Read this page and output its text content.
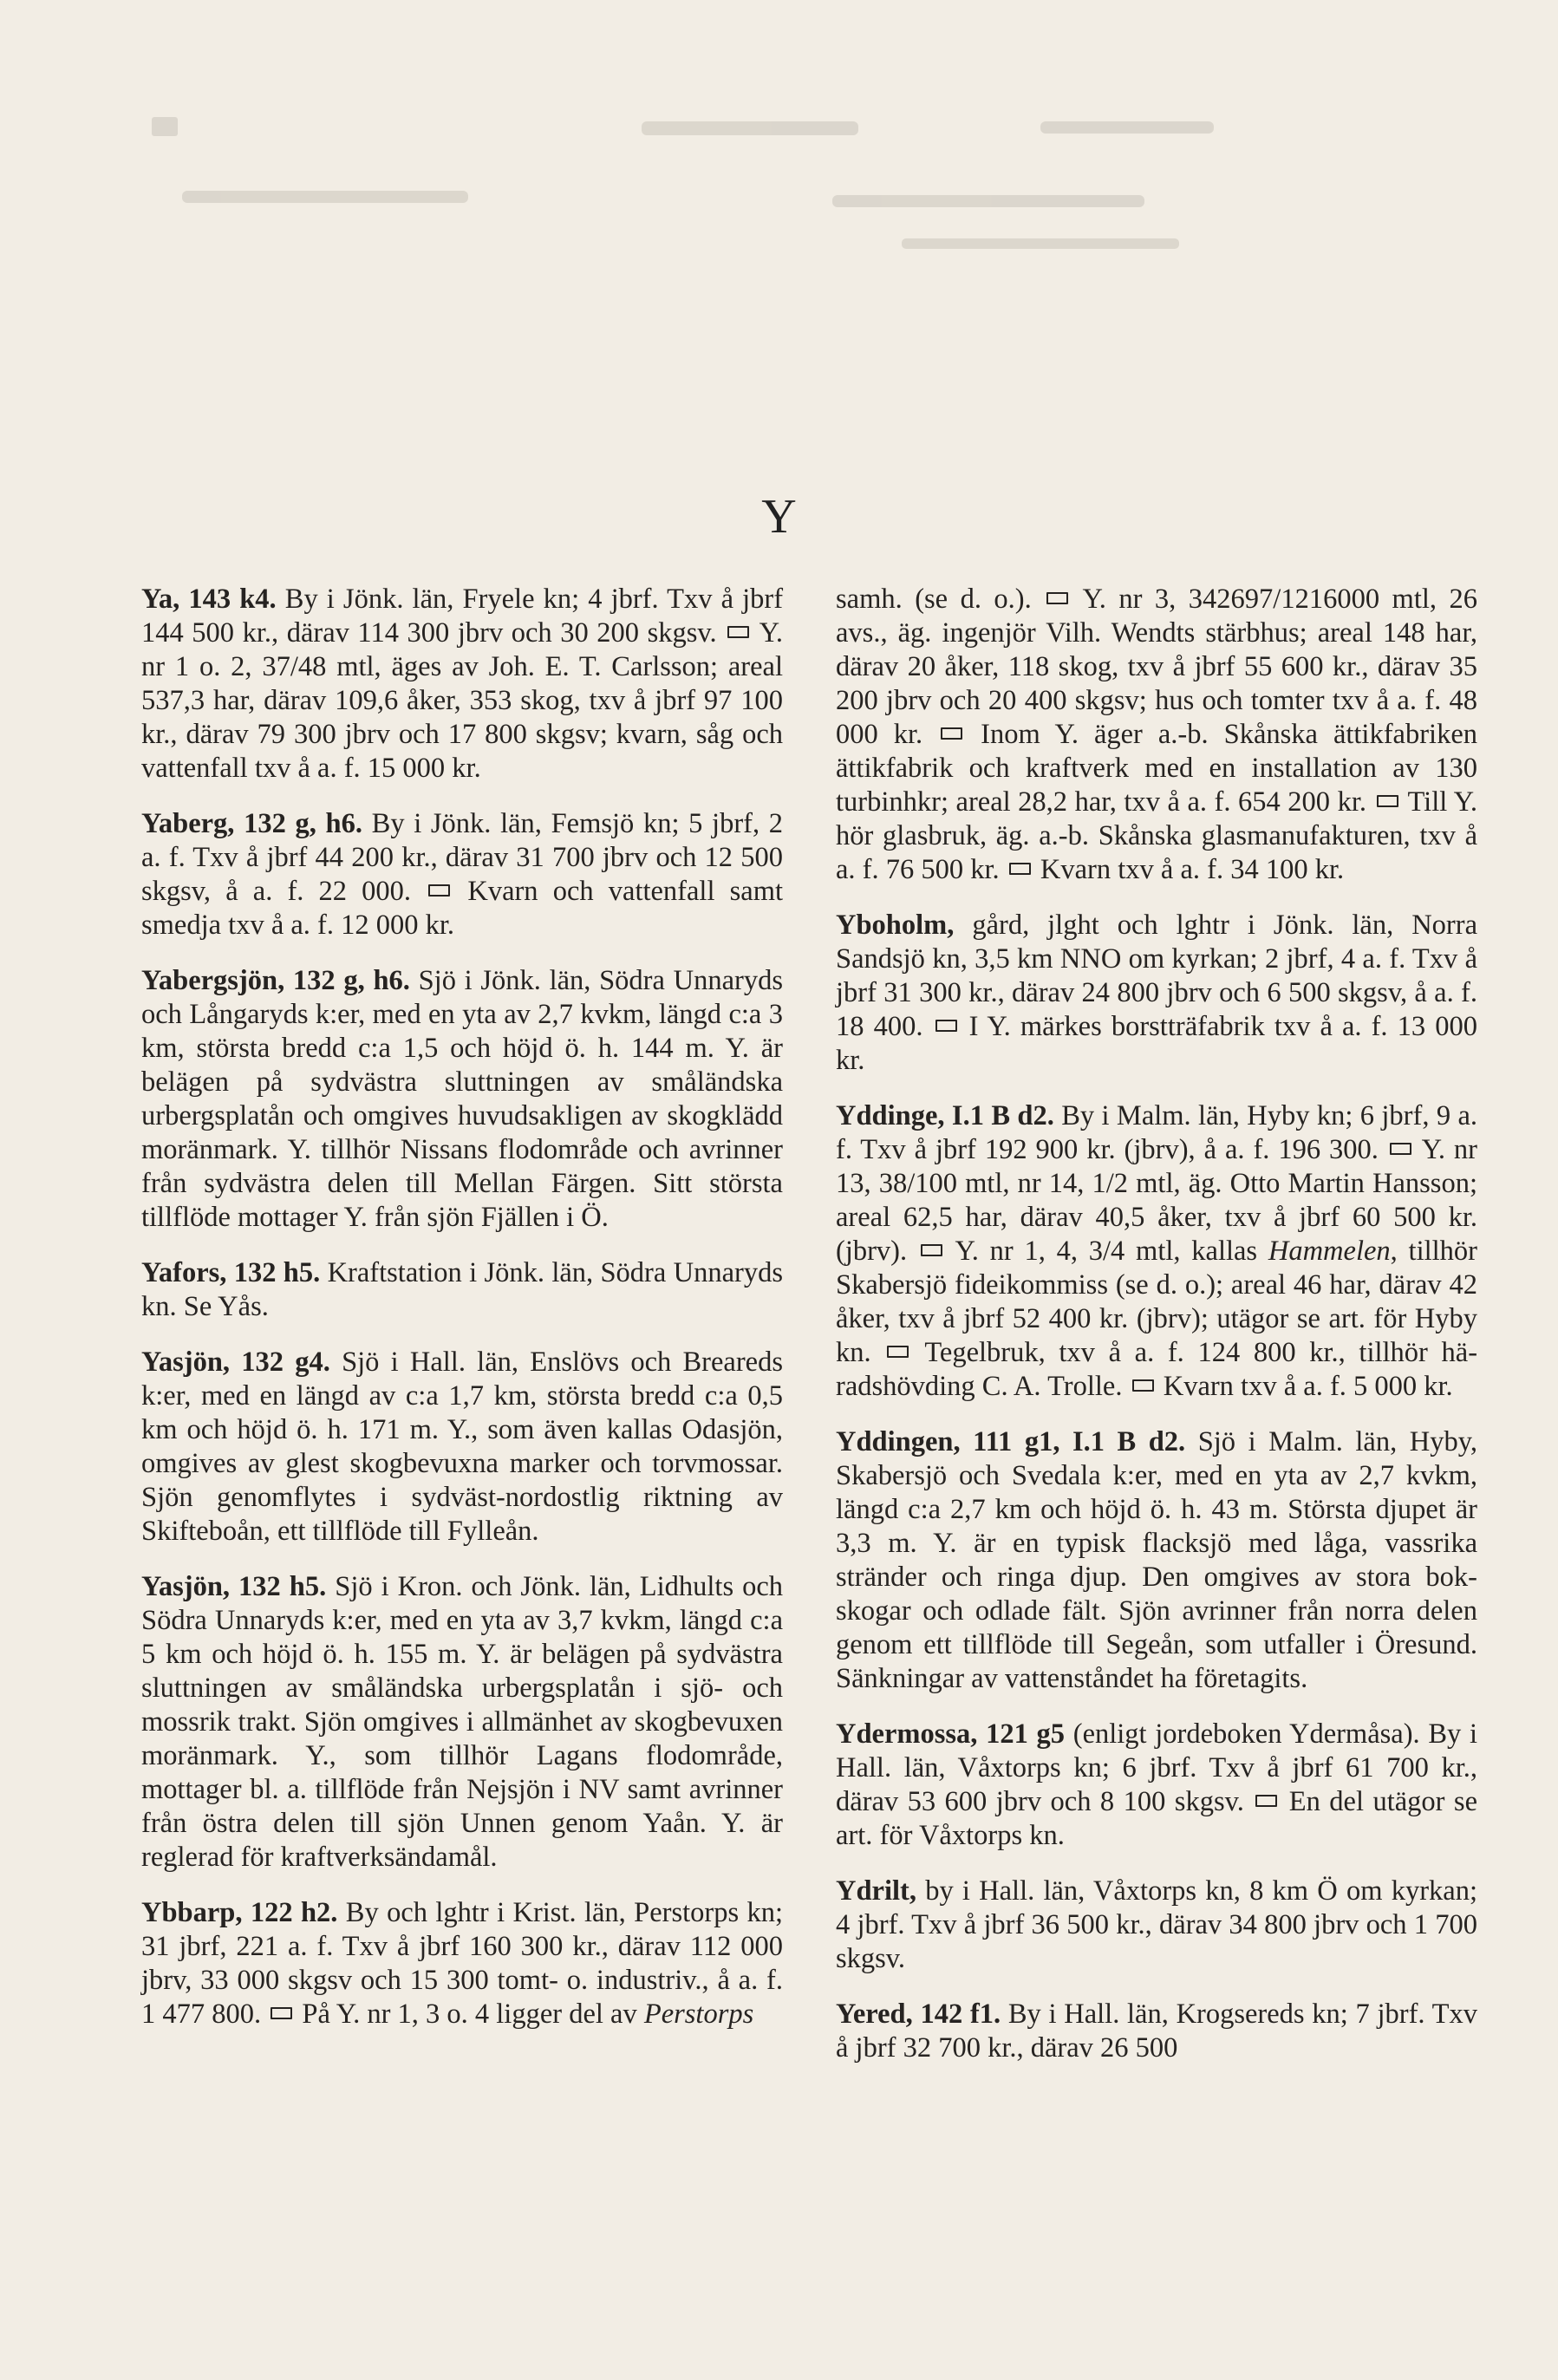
Y

Ya, 143 k4. By i Jönk. län, Fryele kn; 4 jbrf. Txv å jbrf 144 500 kr., därav 114 300 jbrv och 30 200 skgsv.  Y. nr 1 o. 2, 37/48 mtl, äges av Joh. E. T. Carlsson; areal 537,3 har, därav 109,6 åker, 353 skog, txv å jbrf 97 100 kr., därav 79 300 jbrv och 17 800 skgsv; kvarn, såg och vattenfall txv å a. f. 15 000 kr.

Yaberg, 132 g, h6. By i Jönk. län, Femsjö kn; 5 jbrf, 2 a. f. Txv å jbrf 44 200 kr., därav 31 700 jbrv och 12 500 skgsv, å a. f. 22 000.  Kvarn och vattenfall samt smedja txv å a. f. 12 000 kr.

Yabergsjön, 132 g, h6. Sjö i Jönk. län, Södra Unnaryds och Långaryds k:er, med en yta av 2,7 kvkm, längd c:a 3 km, största bredd c:a 1,5 och höjd ö. h. 144 m. Y. är belägen på sydvästra sluttningen av småländska urbergsplatån och omgives huvudsakligen av skogklädd moränmark. Y. tillhör Nissans flodområde och avrinner från sydvästra delen till Mellan Färgen. Sitt största tillflöde mottager Y. från sjön Fjällen i Ö.

Yafors, 132 h5. Kraftstation i Jönk. län, Södra Unnaryds kn. Se Yås.

Yasjön, 132 g4. Sjö i Hall. län, Enslövs och Breareds k:er, med en längd av c:a 1,7 km, största bredd c:a 0,5 km och höjd ö. h. 171 m. Y., som även kallas Odasjön, omgives av glest skogbevuxna marker och torvmossar. Sjön genomflytes i sydväst-nordostlig riktning av Skifteboån, ett tillflöde till Fylleån.

Yasjön, 132 h5. Sjö i Kron. och Jönk. län, Lidhults och Södra Unnaryds k:er, med en yta av 3,7 kvkm, längd c:a 5 km och höjd ö. h. 155 m. Y. är belägen på sydvästra sluttningen av småländska urbergsplatån i sjö- och mossrik trakt. Sjön omgives i allmänhet av skogbevuxen moränmark. Y., som tillhör Lagans flodområde, mottager bl. a. tillflöde från Nejsjön i NV samt avrinner från östra delen till sjön Unnen genom Yaån. Y. är reglerad för kraftverksändamål.

Ybbarp, 122 h2. By och lghtr i Krist. län, Perstorps kn; 31 jbrf, 221 a. f. Txv å jbrf 160 300 kr., därav 112 000 jbrv, 33 000 skgsv och 15 300 tomt- o. industriv., å a. f. 1 477 800.  På Y. nr 1, 3 o. 4 ligger del av Perstorps

samh. (se d. o.).  Y. nr 3, 342697/1216000 mtl, 26 avs., äg. ingenjör Vilh. Wendts stärbhus; areal 148 har, därav 20 åker, 118 skog, txv å jbrf 55 600 kr., därav 35 200 jbrv och 20 400 skgsv; hus och tomter txv å a. f. 48 000 kr.  Inom Y. äger a.-b. Skånska ättikfabriken ättikfabrik och kraftverk med en installation av 130 turbinhkr; areal 28,2 har, txv å a. f. 654 200 kr.  Till Y. hör glasbruk, äg. a.-b. Skånska glasmanufakturen, txv å a. f. 76 500 kr.  Kvarn txv å a. f. 34 100 kr.

Yboholm, gård, jlght och lghtr i Jönk. län, Norra Sandsjö kn, 3,5 km NNO om kyrkan; 2 jbrf, 4 a. f. Txv å jbrf 31 300 kr., därav 24 800 jbrv och 6 500 skgsv, å a. f. 18 400.  I Y. märkes borstträfabrik txv å a. f. 13 000 kr.

Yddinge, I.1 B d2. By i Malm. län, Hyby kn; 6 jbrf, 9 a. f. Txv å jbrf 192 900 kr. (jbrv), å a. f. 196 300.  Y. nr 13, 38/100 mtl, nr 14, 1/2 mtl, äg. Otto Martin Hansson; areal 62,5 har, därav 40,5 åker, txv å jbrf 60 500 kr. (jbrv).  Y. nr 1, 4, 3/4 mtl, kallas Hammelen, tillhör Skabersjö fideikommiss (se d. o.); areal 46 har, därav 42 åker, txv å jbrf 52 400 kr. (jbrv); utägor se art. för Hyby kn.  Tegelbruk, txv å a. f. 124 800 kr., tillhör häradshövding C. A. Trolle.  Kvarn txv å a. f. 5 000 kr.

Yddingen, 111 g1, I.1 B d2. Sjö i Malm. län, Hyby, Skabersjö och Svedala k:er, med en yta av 2,7 kvkm, längd c:a 2,7 km och höjd ö. h. 43 m. Största djupet är 3,3 m. Y. är en typisk flacksjö med låga, vassrika stränder och ringa djup. Den omgives av stora bokskogar och odlade fält. Sjön avrinner från norra delen genom ett tillflöde till Segeån, som utfaller i Öresund. Sänkningar av vattenståndet ha företagits.

Ydermossa, 121 g5 (enligt jordeboken Ydermåsa). By i Hall. län, Våxtorps kn; 6 jbrf. Txv å jbrf 61 700 kr., därav 53 600 jbrv och 8 100 skgsv.  En del utägor se art. för Våxtorps kn.

Ydrilt, by i Hall. län, Våxtorps kn, 8 km Ö om kyrkan; 4 jbrf. Txv å jbrf 36 500 kr., därav 34 800 jbrv och 1 700 skgsv.

Yered, 142 f1. By i Hall. län, Krogsereds kn; 7 jbrf. Txv å jbrf 32 700 kr., därav 26 500
